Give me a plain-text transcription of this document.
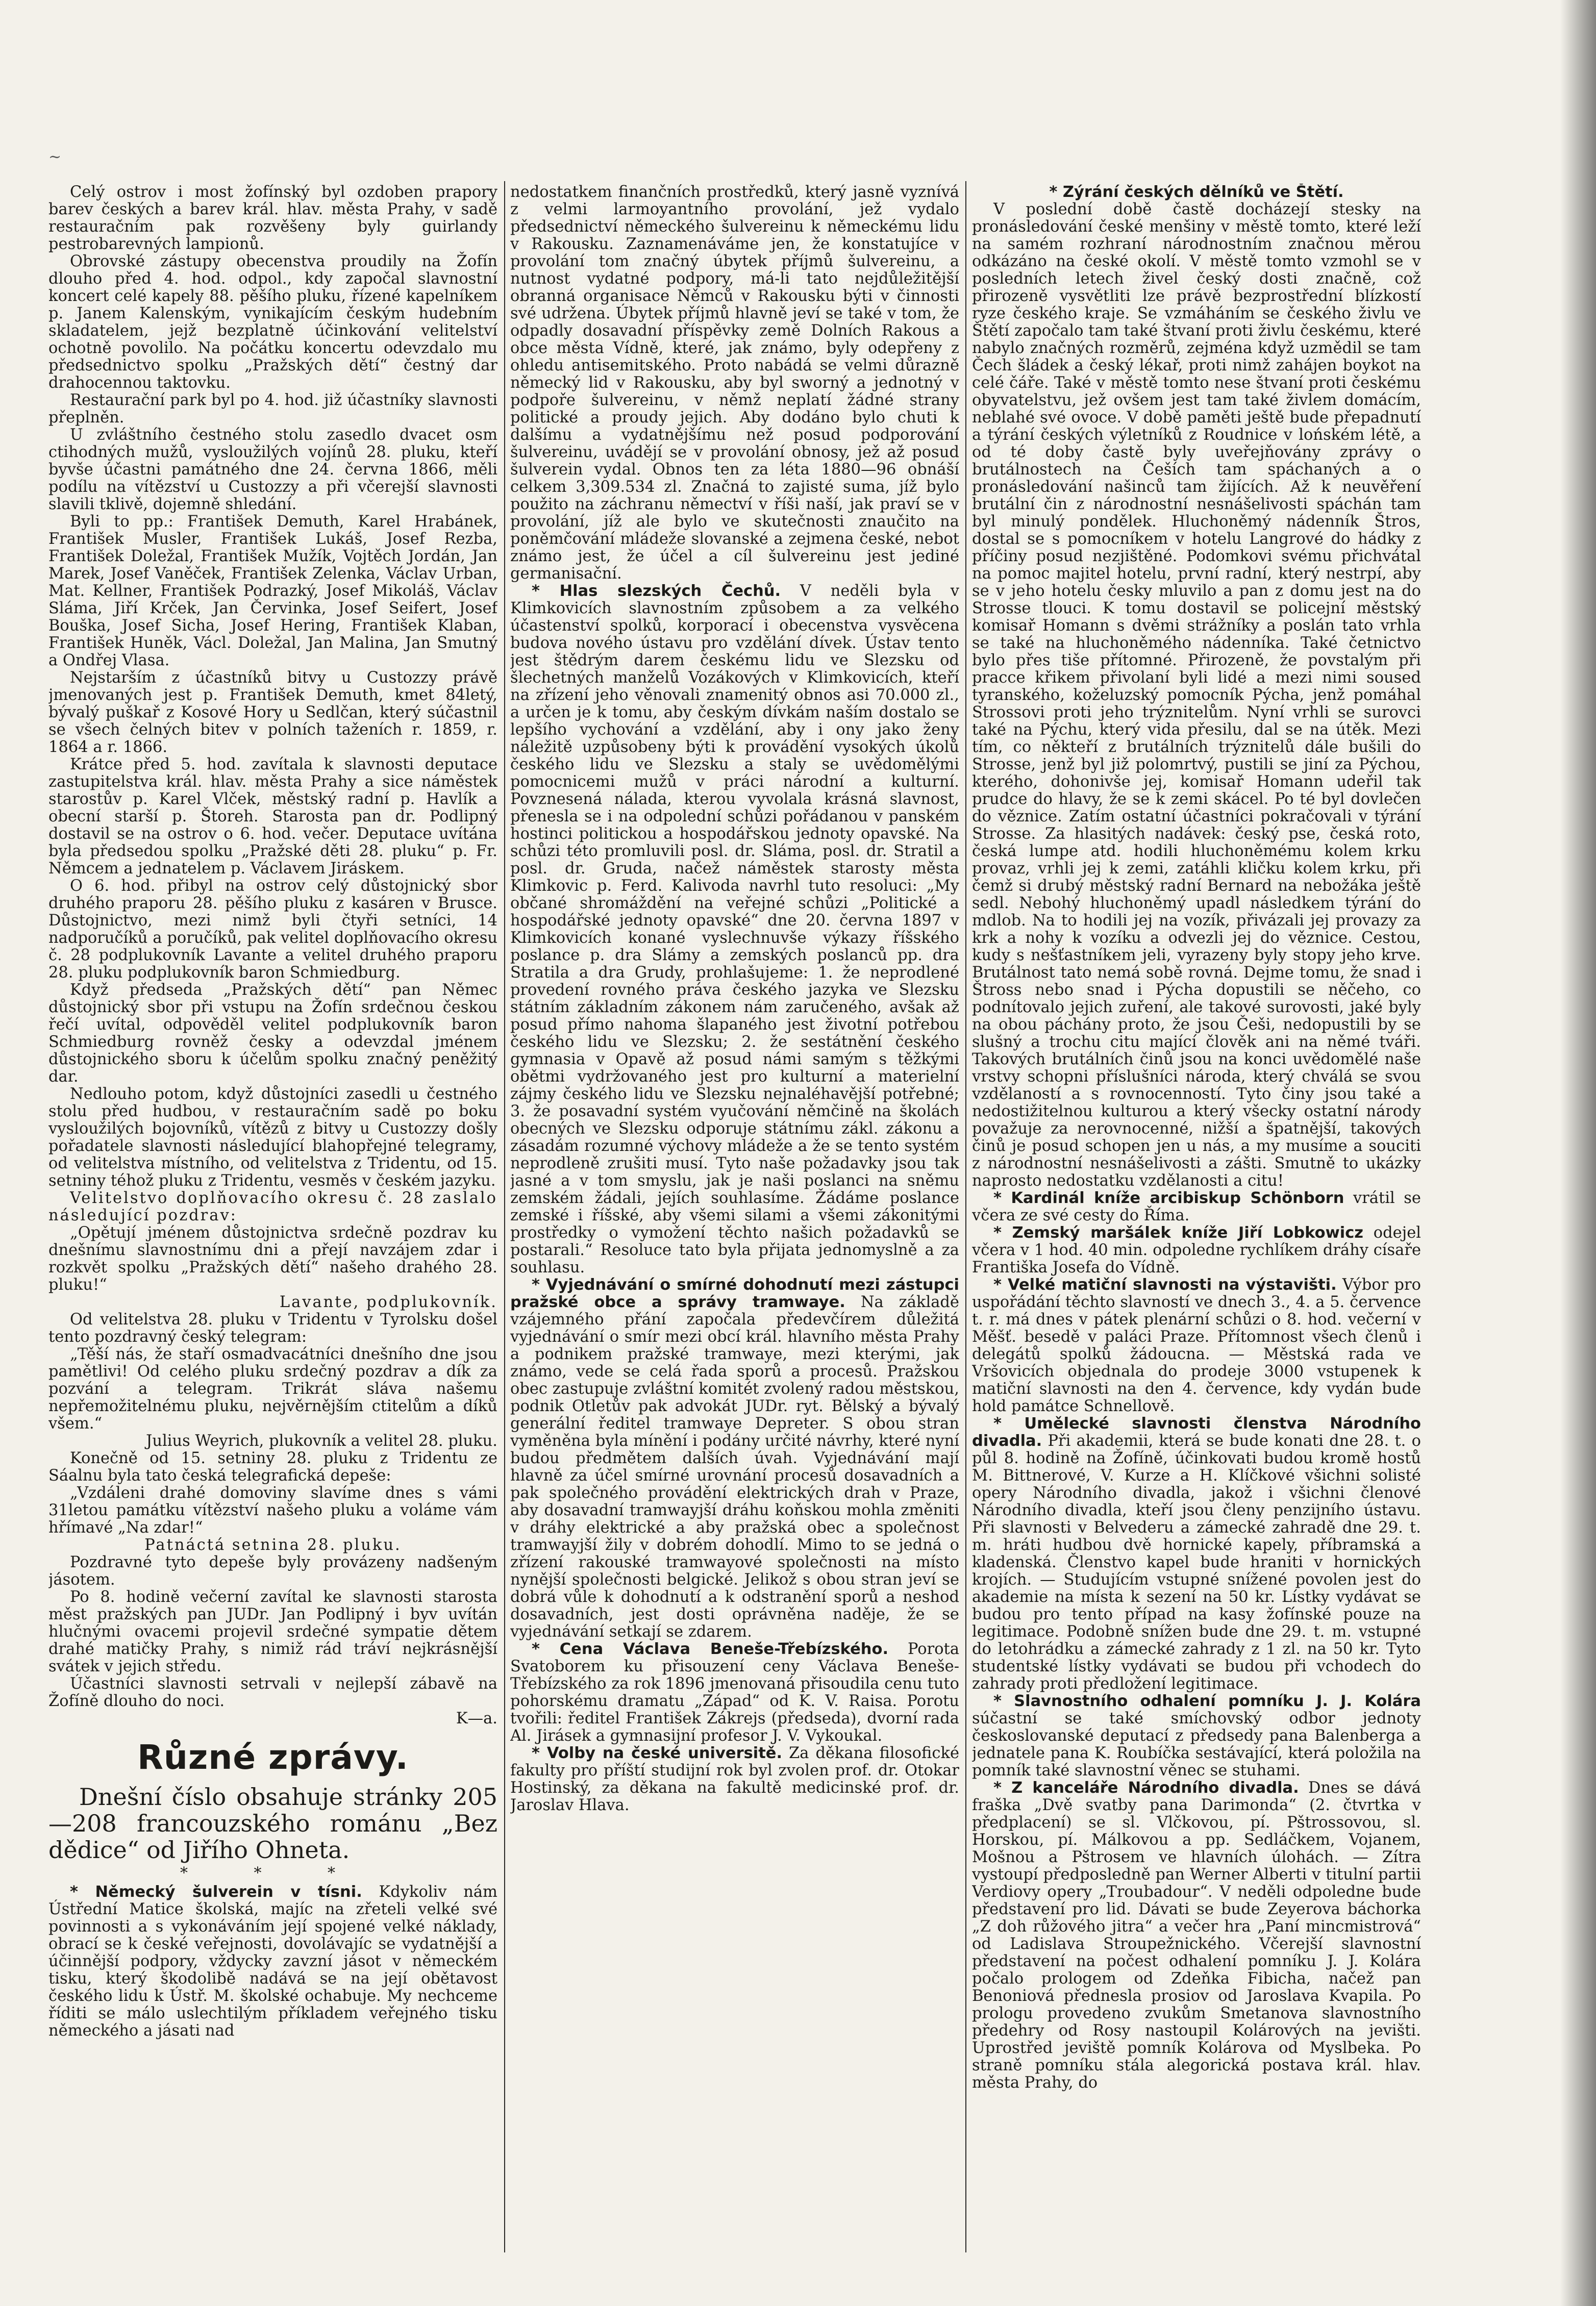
~

Celý ostrov i most žofínský byl ozdoben prapory barev českých a barev král. hlav. města Prahy, v sadě restauračním pak rozvěšeny byly guirlandy pestrobarevných lampionů.

Obrovské zástupy obecenstva proudily na Žofín dlouho před 4. hod. odpol., kdy započal slavnostní koncert celé kapely 88. pěšího pluku, řízené kapelníkem p. Janem Kalenským, vynikajícím českým hudebním skladatelem, jejž bezplatně účinkování velitelství ochotně povolilo. Na počátku koncertu odevzdalo mu předsednictvo spolku „Pražských dětí“ čestný dar drahocennou taktovku.

Restaurační park byl po 4. hod. již účastníky slavnosti přeplněn.

U zvláštního čestného stolu zasedlo dvacet osm ctihodných mužů, vysloužilých vojínů 28. pluku, kteří byvše účastni památného dne 24. června 1866, měli podílu na vítězství u Custozzy a při včerejší slavnosti slavili tklivě, dojemně shledání.

Byli to pp.: František Demuth, Karel Hrabánek, František Musler, František Lukáš, Josef Rezba, František Doležal, František Mužík, Vojtěch Jordán, Jan Marek, Josef Vaněček, František Zelenka, Václav Urban, Mat. Kellner, František Podrazký, Josef Mikoláš, Václav Sláma, Jiří Krček, Jan Červinka, Josef Seifert, Josef Bouška, Josef Sicha, Josef Hering, František Klaban, František Huněk, Václ. Doležal, Jan Malina, Jan Smutný a Ondřej Vlasa.

Nejstarším z účastníků bitvy u Custozzy právě jmenovaných jest p. František Demuth, kmet 84letý, bývalý puškař z Kosové Hory u Sedlčan, který súčastnil se všech čelných bitev v polních taženích r. 1859, r. 1864 a r. 1866.

Krátce před 5. hod. zavítala k slavnosti deputace zastupitelstva král. hlav. města Prahy a sice náměstek starostův p. Karel Vlček, městský radní p. Havlík a obecní starší p. Štoreh. Starosta pan dr. Podlipný dostavil se na ostrov o 6. hod. večer. Deputace uvítána byla předsedou spolku „Pražské děti 28. pluku“ p. Fr. Němcem a jednatelem p. Václavem Jiráskem.

O 6. hod. přibyl na ostrov celý důstojnický sbor druhého praporu 28. pěšího pluku z kasáren v Brusce. Důstojnictvo, mezi nimž byli čtyři setníci, 14 nadporučíků a poručíků, pak velitel doplňovacího okresu č. 28 podplukovník Lavante a velitel druhého praporu 28. pluku podplukovník baron Schmiedburg.

Když předseda „Pražských dětí“ pan Němec důstojnický sbor při vstupu na Žofín srdečnou českou řečí uvítal, odpověděl velitel podplukovník baron Schmiedburg rovněž česky a odevzdal jménem důstojnického sboru k účelům spolku značný peněžitý dar.

Nedlouho potom, když důstojníci zasedli u čestného stolu před hudbou, v restauračním sadě po boku vysloužilých bojovníků, vítězů z bitvy u Custozzy došly pořadatele slavnosti následující blahopřejné telegramy, od velitelstva místního, od velitelstva z Tridentu, od 15. setniny téhož pluku z Tridentu, vesměs v českém jazyku.

Velitelstvo doplňovacího okresu č. 28 zaslalo následující pozdrav:

„Opětují jménem důstojnictva srdečně pozdrav ku dnešnímu slavnostnímu dni a přejí navzájem zdar i rozkvět spolku „Pražských dětí“ našeho drahého 28. pluku!“

Lavante, podplukovník.

Od velitelstva 28. pluku v Tridentu v Tyrolsku došel tento pozdravný český telegram:

„Těší nás, že staří osmadvacátníci dnešního dne jsou pamětlivi! Od celého pluku srdečný pozdrav a dík za pozvání a telegram. Trikrát sláva našemu nepřemožitelnému pluku, nejvěrnějším ctitelům a díků všem.“

Julius Weyrich, plukovník a velitel 28. pluku.

Konečně od 15. setniny 28. pluku z Tridentu ze Sáalnu byla tato česká telegrafická depeše:

„Vzdáleni drahé domoviny slavíme dnes s vámi 31letou památku vítězství našeho pluku a voláme vám hřímavé „Na zdar!“

Patnáctá setnina 28. pluku.

Pozdravné tyto depeše byly provázeny nadšeným jásotem.

Po 8. hodině večerní zavítal ke slavnosti starosta měst pražských pan JUDr. Jan Podlipný i byv uvítán hlučnými ovacemi projevil srdečné sympatie dětem drahé matičky Prahy, s nimiž rád tráví nejkrásnější svátek v jejich středu.

Účastníci slavnosti setrvali v nejlepší zábavě na Žofíně dlouho do noci.

K—a.

Různé zprávy.

Dnešní číslo obsahuje stránky 205—208 francouzského románu „Bez dědice“ od Jiřího Ohneta.

* * *

* Německý šulverein v tísni. Kdykoliv nám Ústřední Matice školská, majíc na zřeteli velké své povinnosti a s vykonáváním její spojené velké náklady, obrací se k české veřejnosti, dovolávajíc se vydatnější a účinnější podpory, vždycky zavzní jásot v německém tisku, který škodolibě nadává se na její obětavost českého lidu k Ústř. M. školské ochabuje. My nechceme říditi se málo uslechtilým příkladem veřejného tisku německého a jásati nad

nedostatkem finančních prostředků, který jasně vyznívá z velmi larmoyantního provolání, jež vydalo předsednictví německého šulvereinu k německému lidu v Rakousku. Zaznamenáváme jen, že konstatujíce v provolání tom značný úbytek příjmů šulvereinu, a nutnost vydatné podpory, má-li tato nejdůležitější obranná organisace Němců v Rakousku býti v činnosti své udržena. Úbytek příjmů hlavně jeví se také v tom, že odpadly dosavadní příspěvky země Dolních Rakous a obce města Vídně, které, jak známo, byly odepřeny z ohledu antisemitského. Proto nabádá se velmi důrazně německý lid v Rakousku, aby byl sworný a jednotný v podpoře šulvereinu, v němž neplatí žádné strany politické a proudy jejich. Aby dodáno bylo chuti k dalšímu a vydatnějšímu než posud podporování šulvereinu, uvádějí se v provolání obnosy, jež až posud šulverein vydal. Obnos ten za léta 1880—96 obnáší celkem 3,309.534 zl. Značná to zajisté suma, jíž bylo použito na záchranu němectví v říši naší, jak praví se v provolání, jíž ale bylo ve skutečnosti znaučito na poněmčování mládeže slovanské a zejmena české, nebot známo jest, že účel a cíl šulvereinu jest jediné germanisační.

* Hlas slezských Čechů. V neděli byla v Klimkovicích slavnostním způsobem a za velkého účastenství spolků, korporací i obecenstva vysvěcena budova nového ústavu pro vzdělání dívek. Ústav tento jest štědrým darem českému lidu ve Slezsku od šlechetných manželů Vozákových v Klimkovicích, kteří na zřízení jeho věnovali znamenitý obnos asi 70.000 zl., a určen je k tomu, aby českým dívkám naším dostalo se lepšího vychování a vzdělání, aby i ony jako ženy náležitě uzpůsobeny býti k provádění vysokých úkolů českého lidu ve Slezsku a staly se uvědomělými pomocnicemi mužů v práci národní a kulturní. Povznesená nálada, kterou vyvolala krásná slavnost, přenesla se i na odpolední schůzi pořádanou v panském hostinci politickou a hospodářskou jednoty opavské. Na schůzi této promluvili posl. dr. Sláma, posl. dr. Stratil a posl. dr. Gruda, načež náměstek starosty města Klimkovic p. Ferd. Kalivoda navrhl tuto resoluci: „My občané shromáždění na veřejné schůzi „Politické a hospodářské jednoty opavské“ dne 20. června 1897 v Klimkovicích konané vyslechnuvše výkazy říšského poslance p. dra Slámy a zemských poslanců pp. dra Stratila a dra Grudy, prohlašujeme: 1. že neprodlené provedení rovného práva českého jazyka ve Slezsku státním základním zákonem nám zaručeného, avšak až posud přímo nahoma šlapaného jest životní potřebou českého lidu ve Slezsku; 2. že sestátnění českého gymnasia v Opavě až posud námi samým s těžkými obětmi vydržovaného jest pro kulturní a materielní zájmy českého lidu ve Slezsku nejnaléhavější potřebné; 3. že posavadní systém vyučování němčině na školách obecných ve Slezsku odporuje státnímu zákl. zákonu a zásadám rozumné výchovy mládeže a že se tento systém neprodleně zrušiti musí. Tyto naše požadavky jsou tak jasné a v tom smyslu, jak je naši poslanci na sněmu zemském žádali, jejích souhlasíme. Žádáme poslance zemské i říšské, aby všemi silami a všemi zákonitými prostředky o vymožení těchto našich požadavků se postarali.“ Resoluce tato byla přijata jednomyslně a za souhlasu.

* Vyjednávání o smírné dohodnutí mezi zástupci pražské obce a správy tramwaye. Na základě vzájemného přání započala předevčírem důležitá vyjednávání o smír mezi obcí král. hlavního města Prahy a podnikem pražské tramwaye, mezi kterými, jak známo, vede se celá řada sporů a procesů. Pražskou obec zastupuje zvláštní komitét zvolený radou městskou, podnik Otletův pak advokát JUDr. ryt. Bělský a bývalý generální ředitel tramwaye Depreter. S obou stran vyměněna byla mínění i podány určité návrhy, které nyní budou předmětem dalších úvah. Vyjednávání mají hlavně za účel smírné urovnání procesů dosavadních a pak společného provádění elektrických drah v Praze, aby dosavadní tramwayjší dráhu koňskou mohla změniti v dráhy elektrické a aby pražská obec a společnost tramwayjší žily v dobrém dohodlí. Mimo to se jedná o zřízení rakouské tramwayové společnosti na místo nynější společnosti belgické. Jelikož s obou stran jeví se dobrá vůle k dohodnutí a k odstranění sporů a neshod dosavadních, jest dosti oprávněna naděje, že se vyjednávání setkají se zdarem.

* Cena Václava Beneše-Třebízského. Porota Svatoborem ku přisouzení ceny Václava Beneše-Třebízského za rok 1896 jmenovaná přisoudila cenu tuto pohorskému dramatu „Západ“ od K. V. Raisa. Porotu tvořili: ředitel František Zákrejs (předseda), dvorní rada Al. Jirásek a gymnasijní profesor J. V. Vykoukal.

* Volby na české universitě. Za děkana filosofické fakulty pro příští studijní rok byl zvolen prof. dr. Otokar Hostinský, za děkana na fakultě medicinské prof. dr. Jaroslav Hlava.

* Zýrání českých dělníků ve Štětí.

V poslední době častě docházejí stesky na pronásledování české menšiny v městě tomto, které leží na samém rozhraní národnostním značnou měrou odkázáno na české okolí. V městě tomto vzmohl se v posledních letech živel český dosti značně, což přirozeně vysvětliti lze právě bezprostřední blízkostí ryze českého kraje. Se vzmáháním se českého živlu ve Štětí započalo tam také štvaní proti živlu českému, které nabylo značných rozměrů, zejména když uzmědil se tam Čech šládek a český lékař, proti nimž zahájen boykot na celé čáře. Také v městě tomto nese štvaní proti českému obyvatelstvu, jež ovšem jest tam také živlem domácím, neblahé své ovoce. V době paměti ještě bude přepadnutí a týrání českých výletníků z Roudnice v lońském létě, a od té doby častě byly uveřejňovány zprávy o brutálnostech na Češích tam spáchaných a o pronásledování našinců tam žijících. Až k neuvěření brutální čin z národnostní nesnášelivosti spáchán tam byl minulý pondělek. Hluchoněmý nádenník Štros, dostal se s pomocníkem v hotelu Langrové do hádky z příčiny posud nezjištěné. Podomkovi svému přichvátal na pomoc majitel hotelu, první radní, který nestrpí, aby se v jeho hotelu česky mluvilo a pan z domu jest na do Strosse tlouci. K tomu dostavil se policejní městský komisař Homann s dvěmi strážníky a poslán tato vrhla se také na hluchoněmého nádenníka. Také četnictvo bylo přes tiše přítomné. Přirozeně, že povstalým při pracce křikem přivolaní byli lidé a mezi nimi soused tyranského, koželuzský pomocník Pýcha, jenž pomáhal Strossovi proti jeho trýznitelům. Nyní vrhli se surovci také na Pýchu, který vida přesilu, dal se na útěk. Mezi tím, co někteří z brutálních trýznitelů dále bušili do Strosse, jenž byl již polomrtvý, pustili se jiní za Pýchou, kterého, dohonivše jej, komisař Homann udeřil tak prudce do hlavy, že se k zemi skácel. Po té byl dovlečen do věznice. Zatím ostatní účastníci pokračovali v týrání Strosse. Za hlasitých nadávek: český pse, česká roto, česká lumpe atd. hodili hluchoněmému kolem krku provaz, vrhli jej k zemi, zatáhli kličku kolem krku, při čemž si drubý městský radní Bernard na nebožáka ještě sedl. Nebohý hluchoněmý upadl následkem týrání do mdlob. Na to hodili jej na vozík, přivázali jej provazy za krk a nohy k vozíku a odvezli jej do věznice. Cestou, kudy s nešťastníkem jeli, vyrazeny byly stopy jeho krve. Brutálnost tato nemá sobě rovná. Dejme tomu, že snad i Štross nebo snad i Pýcha dopustili se něčeho, co podnítovalo jejich zuření, ale takové surovosti, jaké byly na obou páchány proto, že jsou Češi, nedopustili by se slušný a trochu citu mající člověk ani na němé tváři. Takových brutálních činů jsou na konci uvědomělé naše vrstvy schopni příslušníci národa, který chválá se svou vzdělaností a s rovnocenností. Tyto činy jsou také a nedostižitelnou kulturou a který všecky ostatní národy považuje za nerovnocenné, nižší a špatnější, takových činů je posud schopen jen u nás, a my musíme a souciti z národnostní nesnášelivosti a zášti. Smutně to ukázky naprosto nedostatku vzdělanosti a citu!

* Kardinál kníže arcibiskup Schönborn vrátil se včera ze své cesty do Říma.

* Zemský maršálek kníže Jiří Lobkowicz odejel včera v 1 hod. 40 min. odpoledne rychlíkem dráhy císaře Františka Josefa do Vídně.

* Velké matiční slavnosti na výstavišti. Výbor pro uspořádání těchto slavností ve dnech 3., 4. a 5. července t. r. má dnes v pátek plenární schůzi o 8. hod. večerní v Měšť. besedě v paláci Praze. Přítomnost všech členů i delegátů spolků žádoucna. — Městská rada ve Vršovicích objednala do prodeje 3000 vstupenek k matiční slavnosti na den 4. července, kdy vydán bude hold památce Schnellově.

* Umělecké slavnosti členstva Národního divadla. Při akademii, která se bude konati dne 28. t. o půl 8. hodině na Žofíně, účinkovati budou kromě hostů M. Bittnerové, V. Kurze a H. Klíčkové všichni solisté opery Národního divadla, jakož i všichni členové Národního divadla, kteří jsou členy penzijního ústavu. Při slavnosti v Belvederu a zámecké zahradě dne 29. t. m. hráti hudbou dvě hornické kapely, příbramská a kladenská. Členstvo kapel bude hraniti v hornických krojích. — Studujícím vstupné snížené povolen jest do akademie na místa k sezení na 50 kr. Lístky vydávat se budou pro tento případ na kasy žofínské pouze na legitimace. Podobně snížen bude dne 29. t. m. vstupné do letohrádku a zámecké zahrady z 1 zl. na 50 kr. Tyto studentské lístky vydávati se budou při vchodech do zahrady proti předložení legitimace.

* Slavnostního odhalení pomníku J. J. Kolára súčastní se také smíchovský odbor jednoty českoslovanské deputací z předsedy pana Balenberga a jednatele pana K. Roubíčka sestávající, která položila na pomník také slavnostní věnec se stuhami.

* Z kanceláře Národního divadla. Dnes se dává fraška „Dvě svatby pana Darimonda“ (2. čtvrtka v předplacení) se sl. Vlčkovou, pí. Pštrossovou, sl. Horskou, pí. Málkovou a pp. Sedláčkem, Vojanem, Mošnou a Pštrosem ve hlavních úlohách. — Zítra vystoupí předposledně pan Werner Alberti v titulní partii Verdiovy opery „Troubadour“. V neděli odpoledne bude představení pro lid. Dávati se bude Zeyerova báchorka „Z doh růžového jitra“ a večer hra „Paní mincmistrová“ od Ladislava Stroupežnického. Včerejší slavnostní představení na počest odhalení pomníku J. J. Kolára počalo prologem od Zdeňka Fibicha, načež pan Benoniová přednesla prosiov od Jaroslava Kvapila. Po prologu provedeno zvukům Smetanova slavnostního předehry od Rosy nastoupil Kolárových na jevišti. Uprostřed jeviště pomník Kolárova od Myslbeka. Po straně pomníku stála alegorická postava král. hlav. města Prahy, do
